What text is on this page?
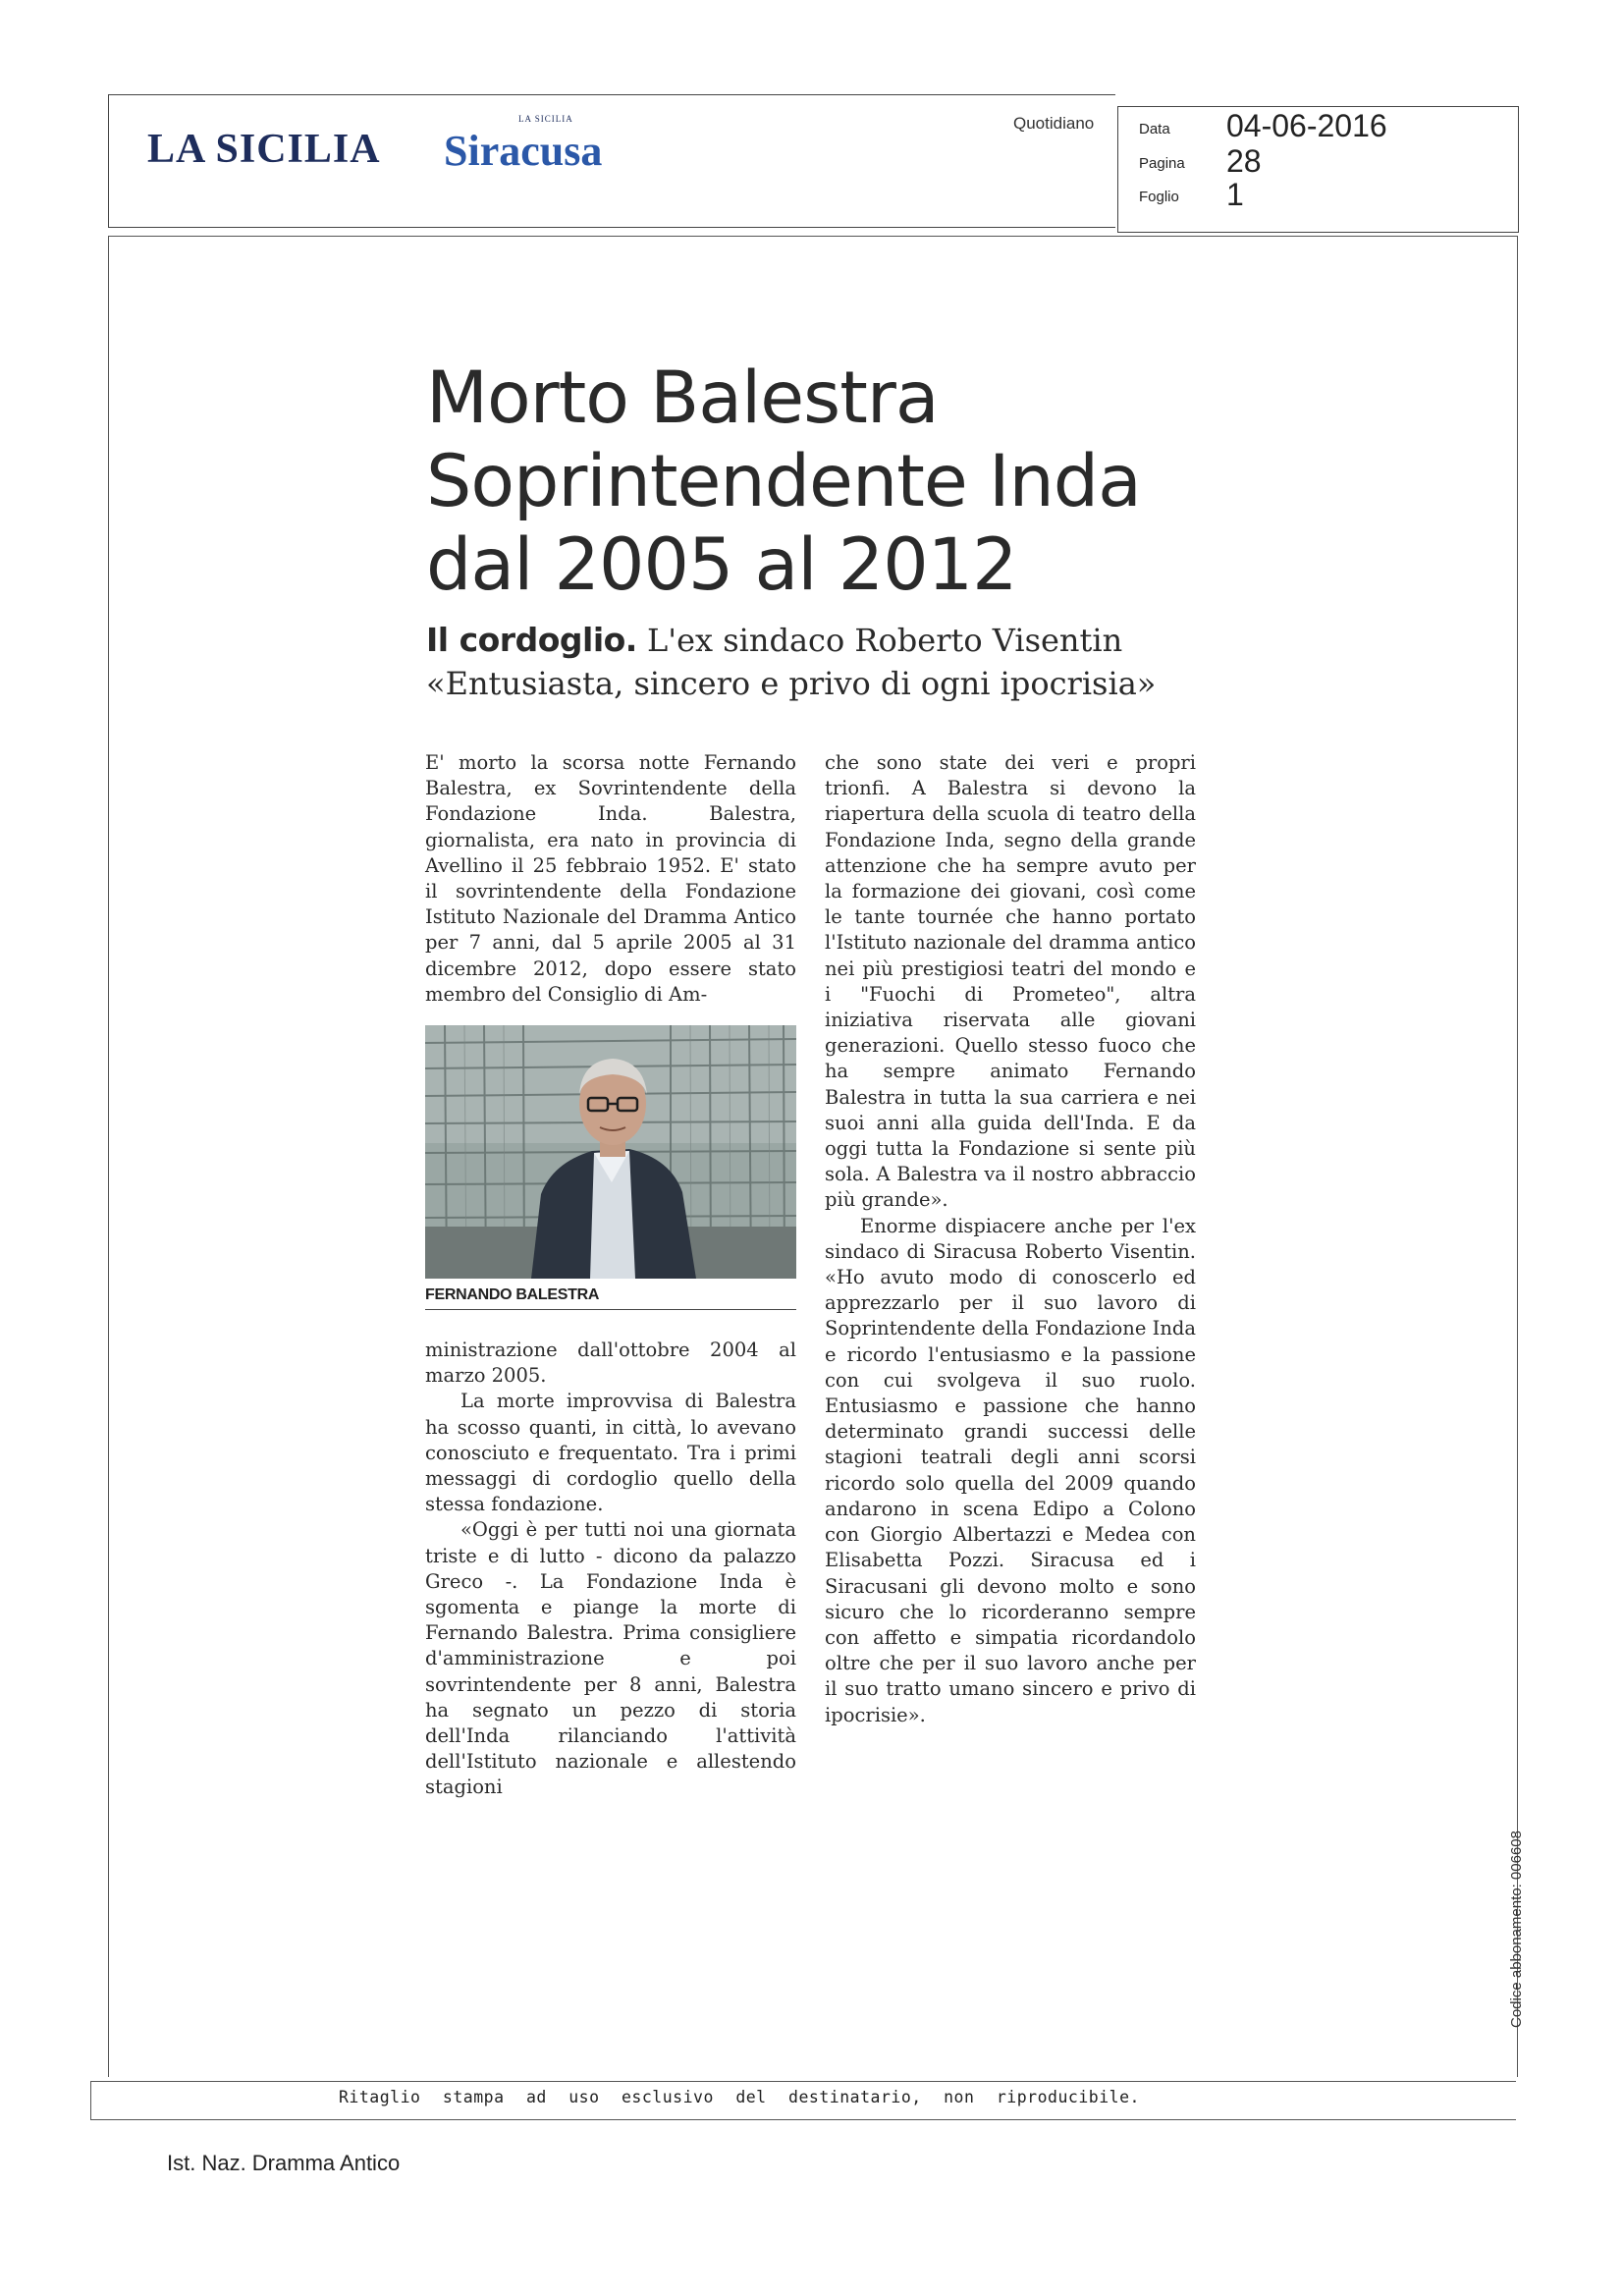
LA SICILIA
LA SICILIA
Siracusa
Quotidiano	Data 04-06-2016
Pagina 28
Foglio 1
Morto Balestra
Soprintendente Inda
dal 2005 al 2012
Il cordoglio. L'ex sindaco Roberto Visentin
«Entusiasta, sincero e privo di ogni ipocrisia»

E' morto la scorsa notte Fernando Balestra, ex Sovrintendente della Fondazione Inda. Balestra, giornalista, era nato in provincia di Avellino il 25 febbraio 1952. E' stato il sovrintendente della Fondazione Istituto Nazionale del Dramma Antico per 7 anni, dal 5 aprile 2005 al 31 dicembre 2012, dopo essere stato membro del Consiglio di Am-

FERNANDO BALESTRA

ministrazione dall'ottobre 2004 al marzo 2005.

La morte improvvisa di Balestra ha scosso quanti, in città, lo avevano conosciuto e frequentato. Tra i primi messaggi di cordoglio quello della stessa fondazione.

«Oggi è per tutti noi una giornata triste e di lutto - dicono da palazzo Greco -. La Fondazione Inda è sgomenta e piange la morte di Fernando Balestra. Prima consigliere d'amministrazione e poi sovrintendente per 8 anni, Balestra ha segnato un pezzo di storia dell'Inda rilanciando l'attività dell'Istituto nazionale e allestendo stagioni

che sono state dei veri e propri trionfi. A Balestra si devono la riapertura della scuola di teatro della Fondazione Inda, segno della grande attenzione che ha sempre avuto per la formazione dei giovani, così come le tante tournée che hanno portato l'Istituto nazionale del dramma antico nei più prestigiosi teatri del mondo e i "Fuochi di Prometeo", altra iniziativa riservata alle giovani generazioni. Quello stesso fuoco che ha sempre animato Fernando Balestra in tutta la sua carriera e nei suoi anni alla guida dell'Inda. E da oggi tutta la Fondazione si sente più sola. A Balestra va il nostro abbraccio più grande».

Enorme dispiacere anche per l'ex sindaco di Siracusa Roberto Visentin. «Ho avuto modo di conoscerlo ed apprezzarlo per il suo lavoro di Soprintendente della Fondazione Inda e ricordo l'entusiasmo e la passione con cui svolgeva il suo ruolo. Entusiasmo e passione che hanno determinato grandi successi delle stagioni teatrali degli anni scorsi ricordo solo quella del 2009 quando andarono in scena Edipo a Colono con Giorgio Albertazzi e Medea con Elisabetta Pozzi. Siracusa ed i Siracusani gli devono molto e sono sicuro che lo ricorderanno sempre con affetto e simpatia ricordandolo oltre che per il suo lavoro anche per il suo tratto umano sincero e privo di ipocrisie».

Ritaglio stampa ad uso esclusivo del destinatario, non riproducibile.
Codice abbonamento: 006608
Ist. Naz. Dramma Antico
